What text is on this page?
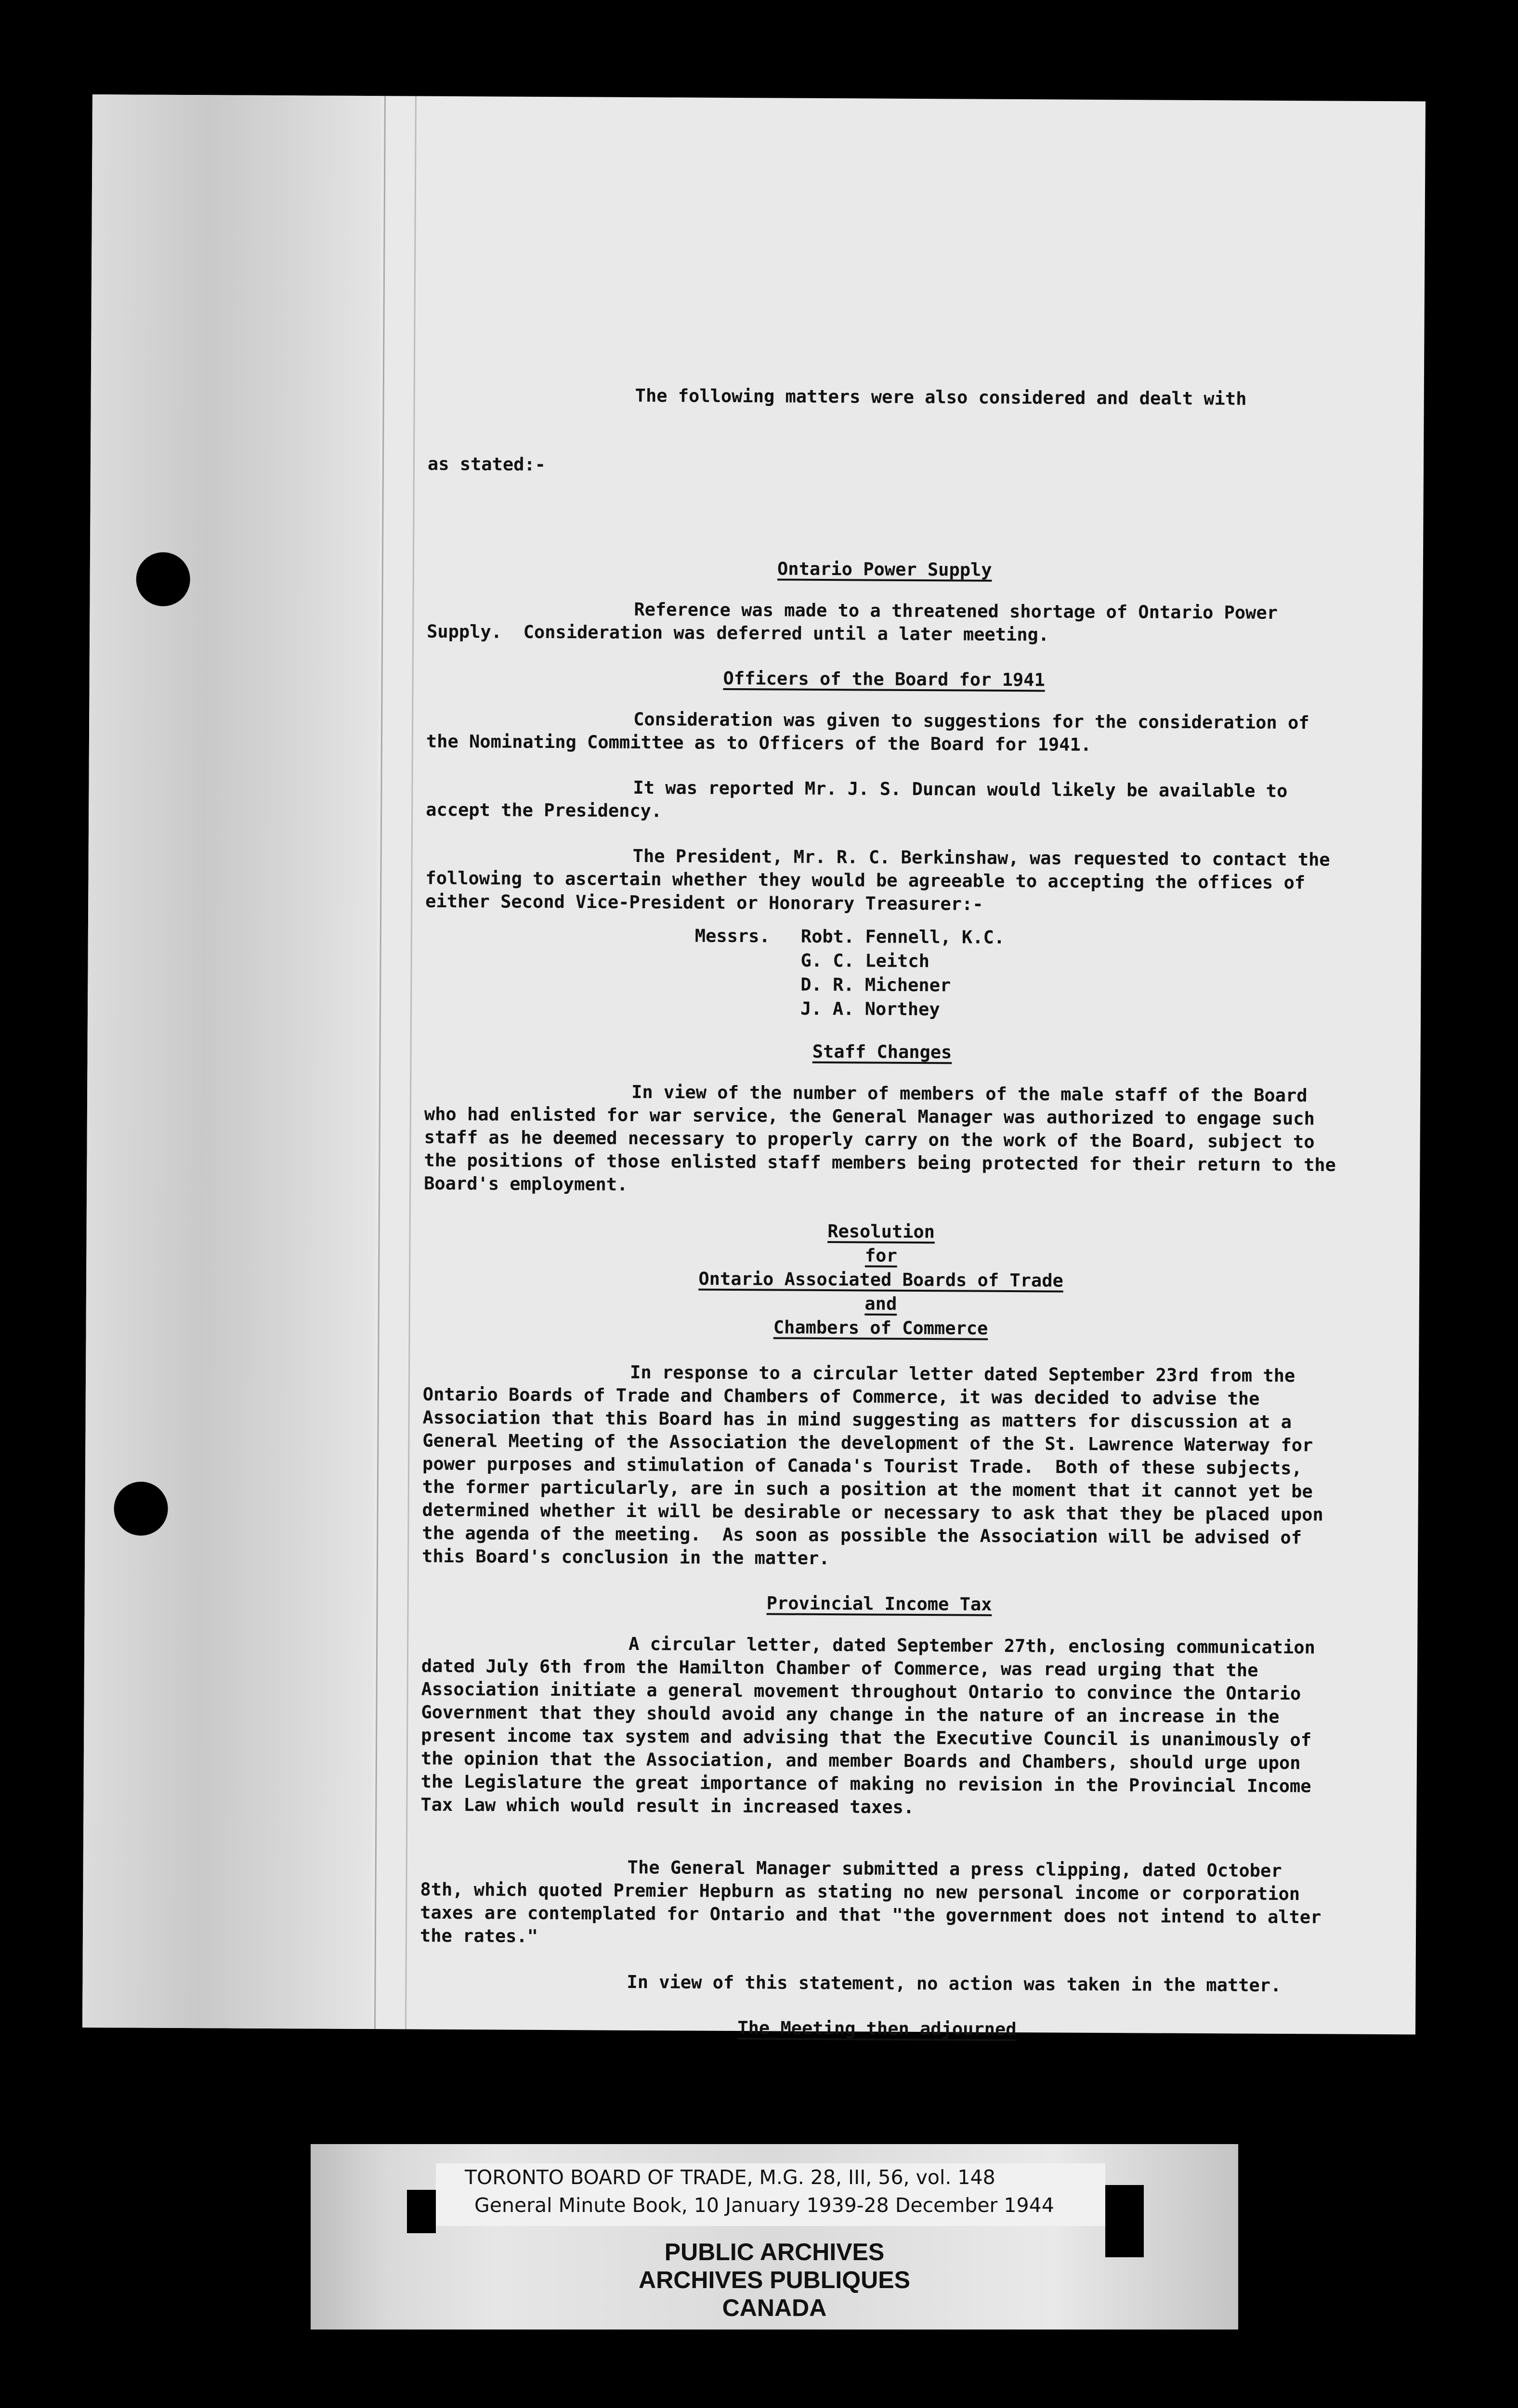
The following matters were also considered and dealt with

as stated:-

Ontario Power Supply

Reference was made to a threatened shortage of Ontario Power Supply.  Consideration was deferred until a later meeting.

Officers of the Board for 1941

Consideration was given to suggestions for the consideration of the Nominating Committee as to Officers of the Board for 1941.

It was reported Mr. J. S. Duncan would likely be available to accept the Presidency.

The President, Mr. R. C. Berkinshaw, was requested to contact the following to ascertain whether they would be agreeable to accepting the offices of either Second Vice-President or Honorary Treasurer:-

Messrs.	Robt. Fennell, K.C.
G. C. Leitch
D. R. Michener
J. A. Northey
Staff Changes

In view of the number of members of the male staff of the Board who had enlisted for war service, the General Manager was authorized to engage such staff as he deemed necessary to properly carry on the work of the Board, subject to the positions of those enlisted staff members being protected for their return to the Board's employment.

Resolution
for
Ontario Associated Boards of Trade
and
Chambers of Commerce

In response to a circular letter dated September 23rd from the Ontario Boards of Trade and Chambers of Commerce, it was decided to advise the Association that this Board has in mind suggesting as matters for discussion at a General Meeting of the Association the development of the St. Lawrence Waterway for power purposes and stimulation of Canada's Tourist Trade.  Both of these subjects, the former particularly, are in such a position at the moment that it cannot yet be determined whether it will be desirable or necessary to ask that they be placed upon the agenda of the meeting.  As soon as possible the Association will be advised of this Board's conclusion in the matter.

Provincial Income Tax

A circular letter, dated September 27th, enclosing communication dated July 6th from the Hamilton Chamber of Commerce, was read urging that the Association initiate a general movement throughout Ontario to convince the Ontario Government that they should avoid any change in the nature of an increase in the present income tax system and advising that the Executive Council is unanimously of the opinion that the Association, and member Boards and Chambers, should urge upon the Legislature the great importance of making no revision in the Provincial Income Tax Law which would result in increased taxes.

The General Manager submitted a press clipping, dated October 8th, which quoted Premier Hepburn as stating no new personal income or corporation taxes are contemplated for Ontario and that "the government does not intend to alter the rates."

In view of this statement, no action was taken in the matter.

The Meeting then adjourned
TORONTO BOARD OF TRADE, M.G. 28, III, 56, vol. 148
General Minute Book, 10 January 1939-28 December 1944
PUBLIC ARCHIVES
ARCHIVES PUBLIQUES
CANADA
